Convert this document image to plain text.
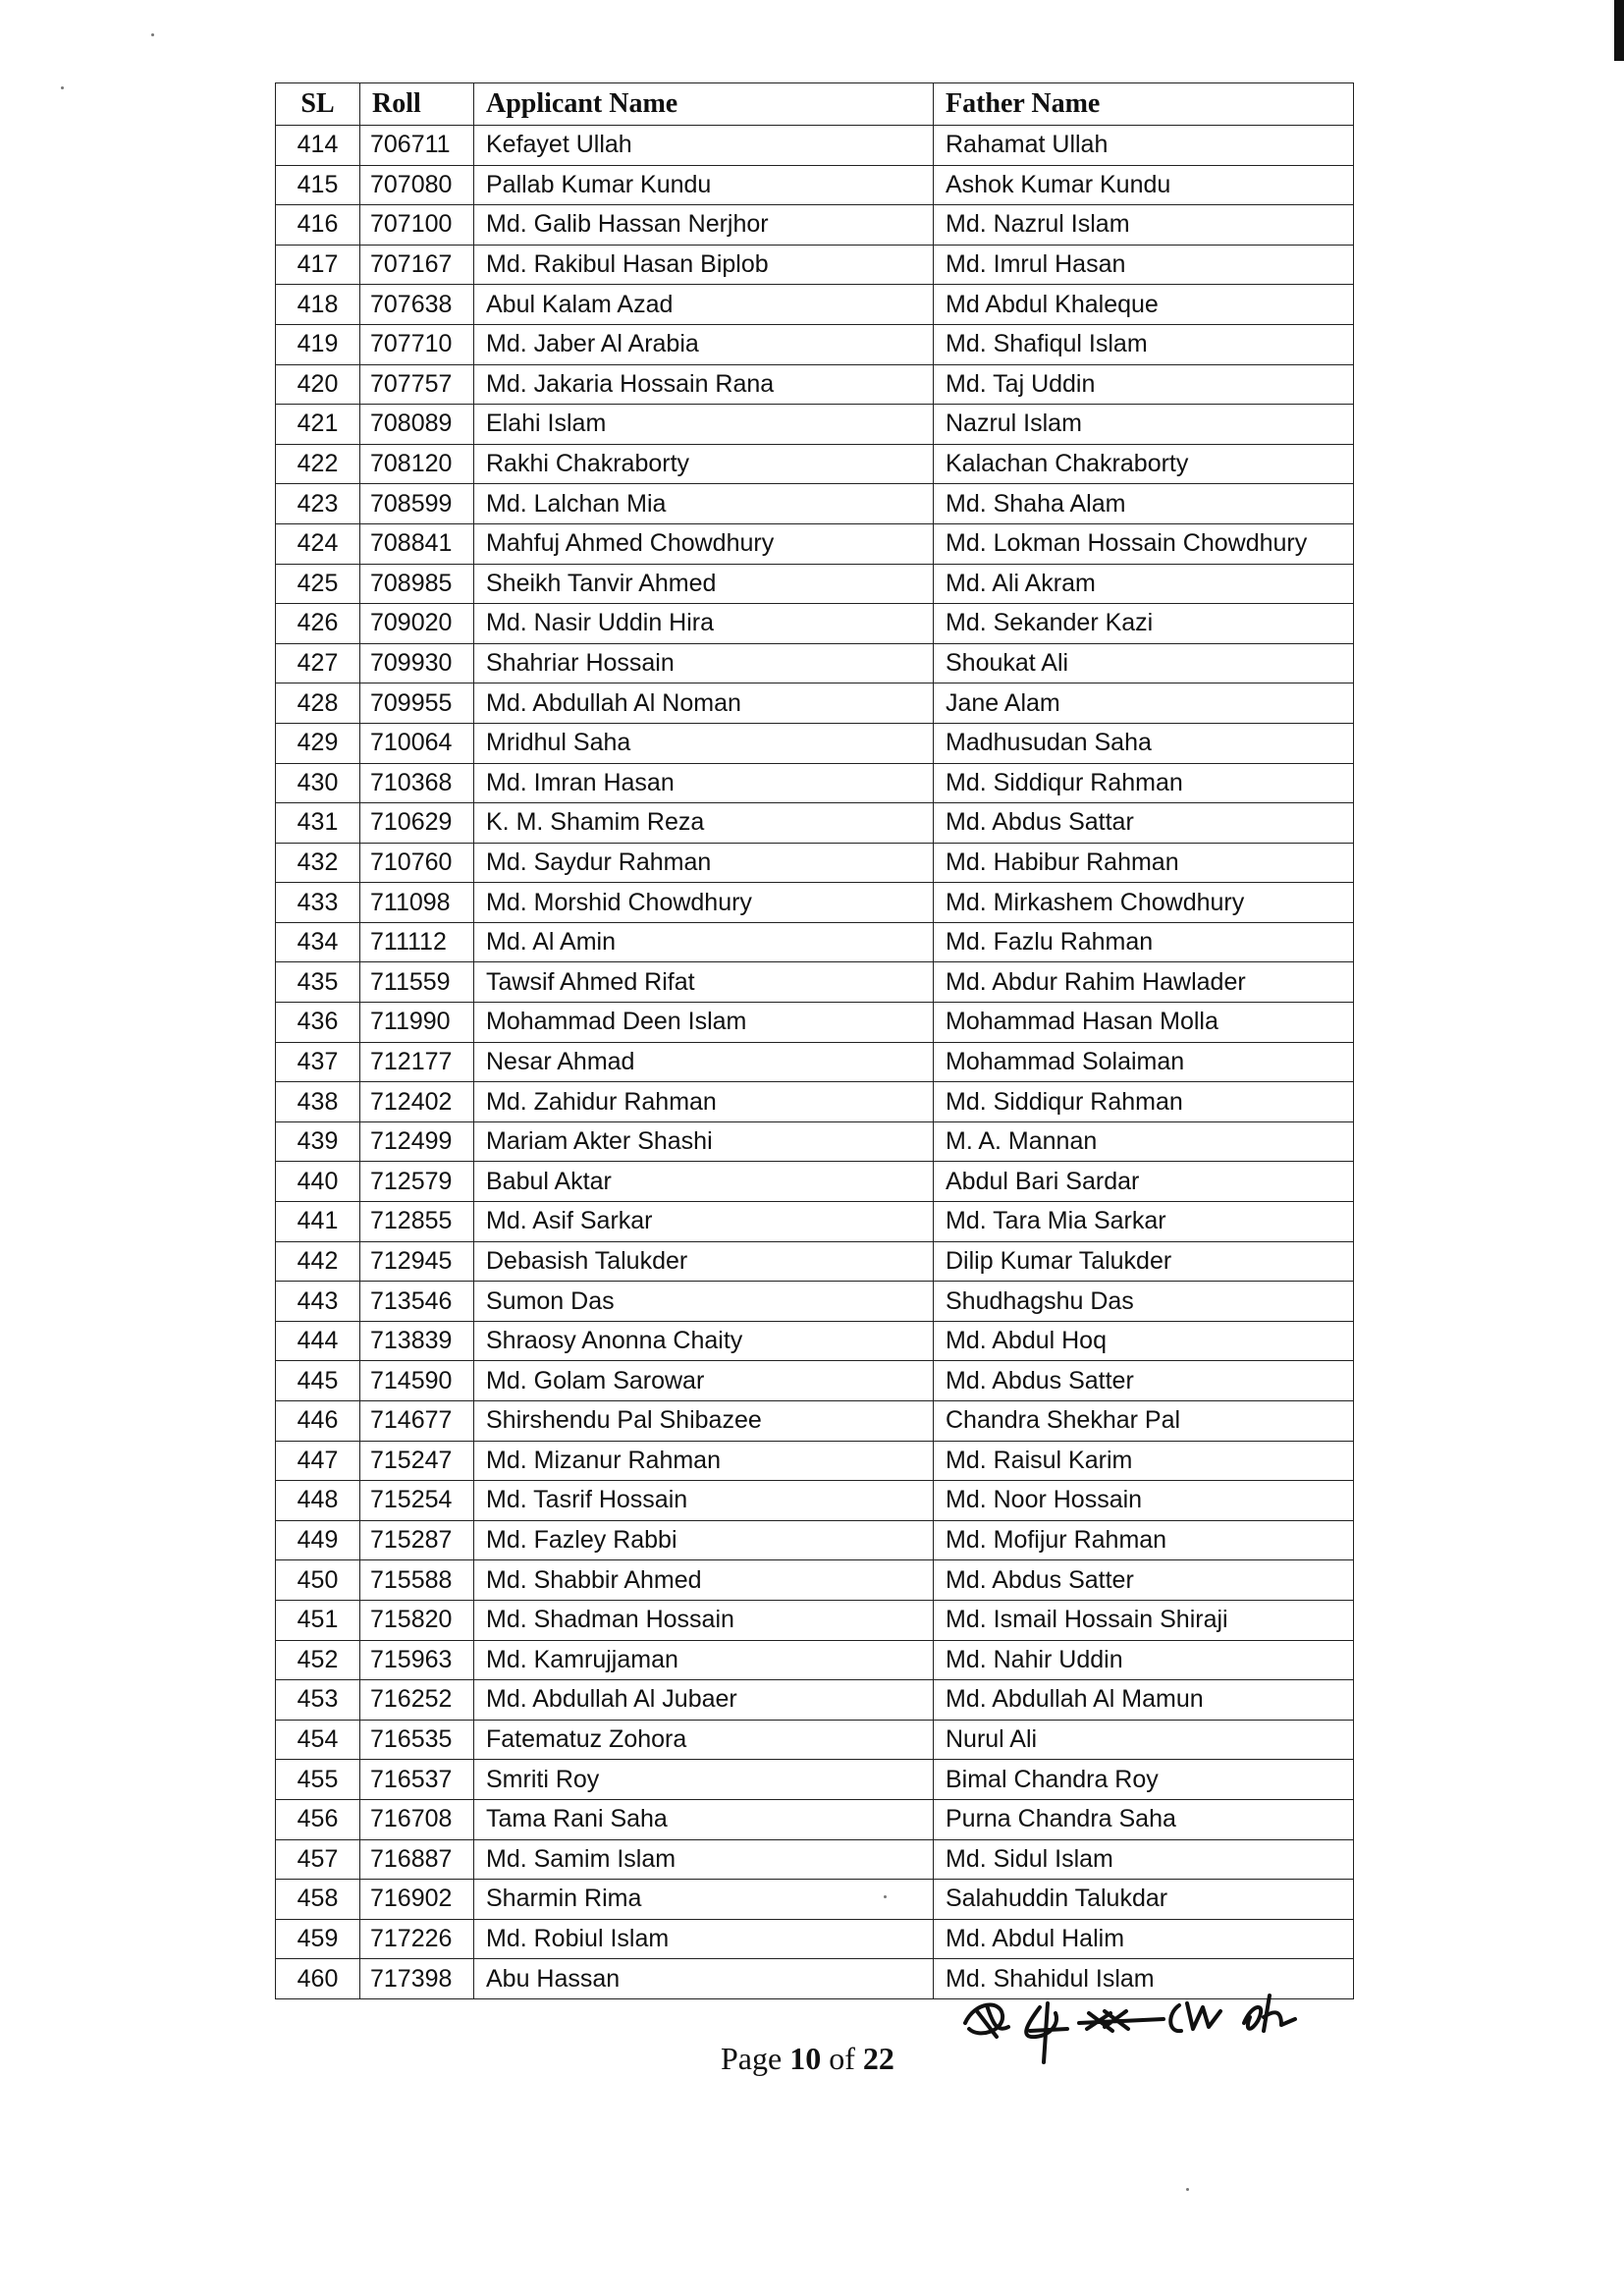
SL	Roll	Applicant Name	Father Name
414	706711	Kefayet Ullah	Rahamat Ullah
415	707080	Pallab Kumar Kundu	Ashok Kumar Kundu
416	707100	Md. Galib Hassan Nerjhor	Md. Nazrul Islam
417	707167	Md. Rakibul Hasan Biplob	Md. Imrul Hasan
418	707638	Abul Kalam Azad	Md Abdul Khaleque
419	707710	Md. Jaber Al Arabia	Md. Shafiqul Islam
420	707757	Md. Jakaria Hossain Rana	Md. Taj Uddin
421	708089	Elahi Islam	Nazrul Islam
422	708120	Rakhi Chakraborty	Kalachan Chakraborty
423	708599	Md. Lalchan Mia	Md. Shaha Alam
424	708841	Mahfuj Ahmed Chowdhury	Md. Lokman Hossain Chowdhury
425	708985	Sheikh Tanvir Ahmed	Md. Ali Akram
426	709020	Md. Nasir Uddin Hira	Md. Sekander Kazi
427	709930	Shahriar Hossain	Shoukat Ali
428	709955	Md. Abdullah Al Noman	Jane Alam
429	710064	Mridhul Saha	Madhusudan Saha
430	710368	Md. Imran Hasan	Md. Siddiqur Rahman
431	710629	K. M. Shamim Reza	Md. Abdus Sattar
432	710760	Md. Saydur Rahman	Md. Habibur Rahman
433	711098	Md. Morshid Chowdhury	Md. Mirkashem Chowdhury
434	711112	Md. Al Amin	Md. Fazlu Rahman
435	711559	Tawsif Ahmed Rifat	Md. Abdur Rahim Hawlader
436	711990	Mohammad Deen Islam	Mohammad Hasan Molla
437	712177	Nesar Ahmad	Mohammad Solaiman
438	712402	Md. Zahidur Rahman	Md. Siddiqur Rahman
439	712499	Mariam Akter Shashi	M. A. Mannan
440	712579	Babul Aktar	Abdul Bari Sardar
441	712855	Md. Asif Sarkar	Md. Tara Mia Sarkar
442	712945	Debasish Talukder	Dilip Kumar Talukder
443	713546	Sumon Das	Shudhagshu Das
444	713839	Shraosy Anonna Chaity	Md. Abdul Hoq
445	714590	Md. Golam Sarowar	Md. Abdus Satter
446	714677	Shirshendu Pal Shibazee	Chandra Shekhar Pal
447	715247	Md. Mizanur Rahman	Md. Raisul Karim
448	715254	Md. Tasrif Hossain	Md. Noor Hossain
449	715287	Md. Fazley Rabbi	Md. Mofijur Rahman
450	715588	Md. Shabbir Ahmed	Md. Abdus Satter
451	715820	Md. Shadman Hossain	Md. Ismail Hossain Shiraji
452	715963	Md. Kamrujjaman	Md. Nahir Uddin
453	716252	Md. Abdullah Al Jubaer	Md. Abdullah Al Mamun
454	716535	Fatematuz Zohora	Nurul Ali
455	716537	Smriti Roy	Bimal Chandra Roy
456	716708	Tama Rani Saha	Purna Chandra Saha
457	716887	Md. Samim Islam	Md. Sidul Islam
458	716902	Sharmin Rima	Salahuddin Talukdar
459	717226	Md. Robiul Islam	Md. Abdul Halim
460	717398	Abu Hassan	Md. Shahidul Islam
Page 10 of 22
